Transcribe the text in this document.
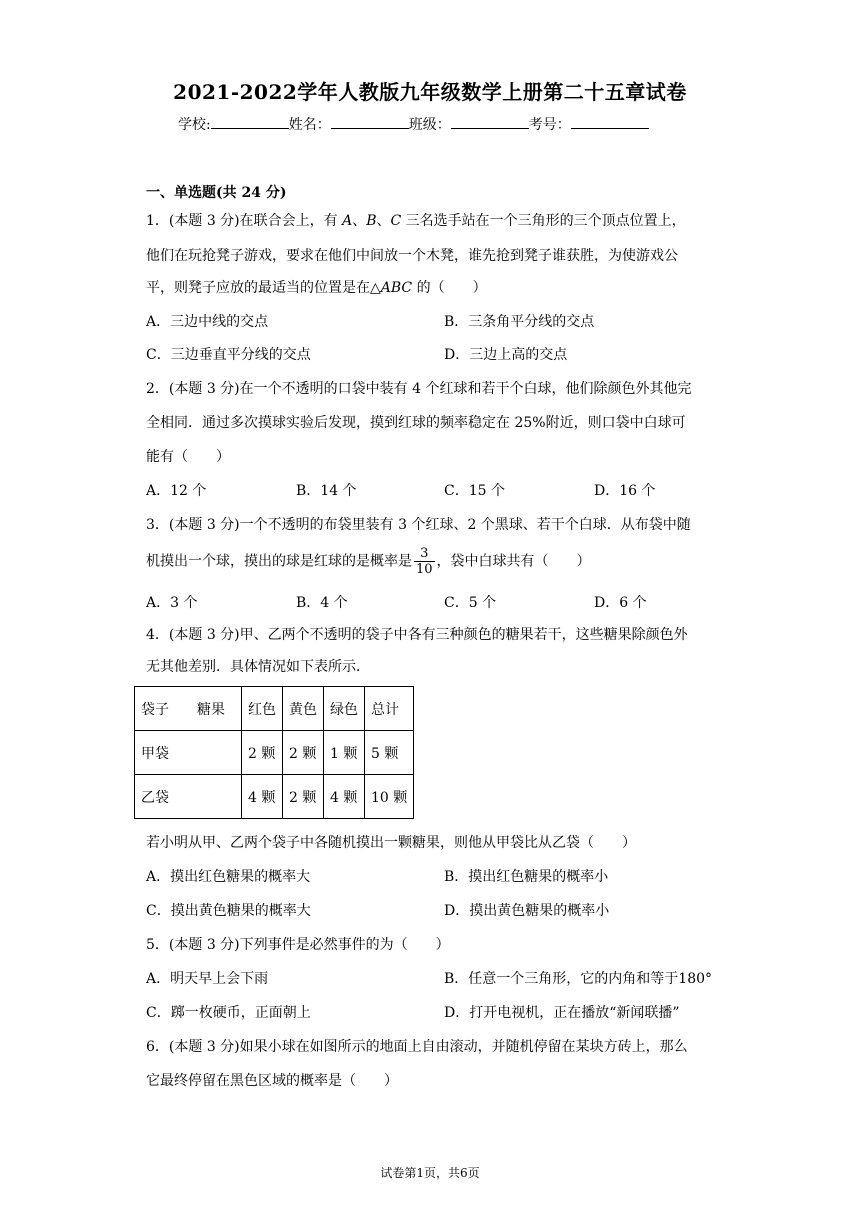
2021-2022学年人教版九年级数学上册第二十五章试卷
学校:	姓名：	班级：	考号：
一、单选题(共 24 分)
1．(本题 3 分)在联合会上，有 A、B、C 三名选手站在一个三角形的三个顶点位置上，
他们在玩抢凳子游戏，要求在他们中间放一个木凳，谁先抢到凳子谁获胜，为使游戏公
平，则凳子应放的最适当的位置是在△ABC 的（　　）
A．三边中线的交点	B．三条角平分线的交点
C．三边垂直平分线的交点	D．三边上高的交点
2．(本题 3 分)在一个不透明的口袋中装有 4 个红球和若干个白球，他们除颜色外其他完
全相同．通过多次摸球实验后发现，摸到红球的频率稳定在 25%附近，则口袋中白球可
能有（　　）
A．12 个	B．14 个	C．15 个	D．16 个
3．(本题 3 分)一个不透明的布袋里装有 3 个红球、2 个黑球、若干个白球．从布袋中随
机摸出一个球，摸出的球是红球的是概率是 $\frac{3}{10}$ ，袋中白球共有（　　）
A．3 个	B．4 个	C．5 个	D．6 个
4．(本题 3 分)甲、乙两个不透明的袋子中各有三种颜色的糖果若干，这些糖果除颜色外
无其他差别．具体情况如下表所示．
袋子　　糖果	红色	黄色	绿色	总计
甲袋	2 颗	2 颗	1 颗	5 颗
乙袋	4 颗	2 颗	4 颗	10 颗
若小明从甲、乙两个袋子中各随机摸出一颗糖果，则他从甲袋比从乙袋（　　）
A．摸出红色糖果的概率大	B．摸出红色糖果的概率小
C．摸出黄色糖果的概率大	D．摸出黄色糖果的概率小
5．(本题 3 分)下列事件是必然事件的为（　　）
A．明天早上会下雨	B．任意一个三角形，它的内角和等于180°
C．踯一枚硬币，正面朝上	D．打开电视机，正在播放“新闻联播”
6．(本题 3 分)如果小球在如图所示的地面上自由滚动，并随机停留在某块方砖上，那么
它最终停留在黑色区域的概率是（　　）
试卷第1页，共6页
